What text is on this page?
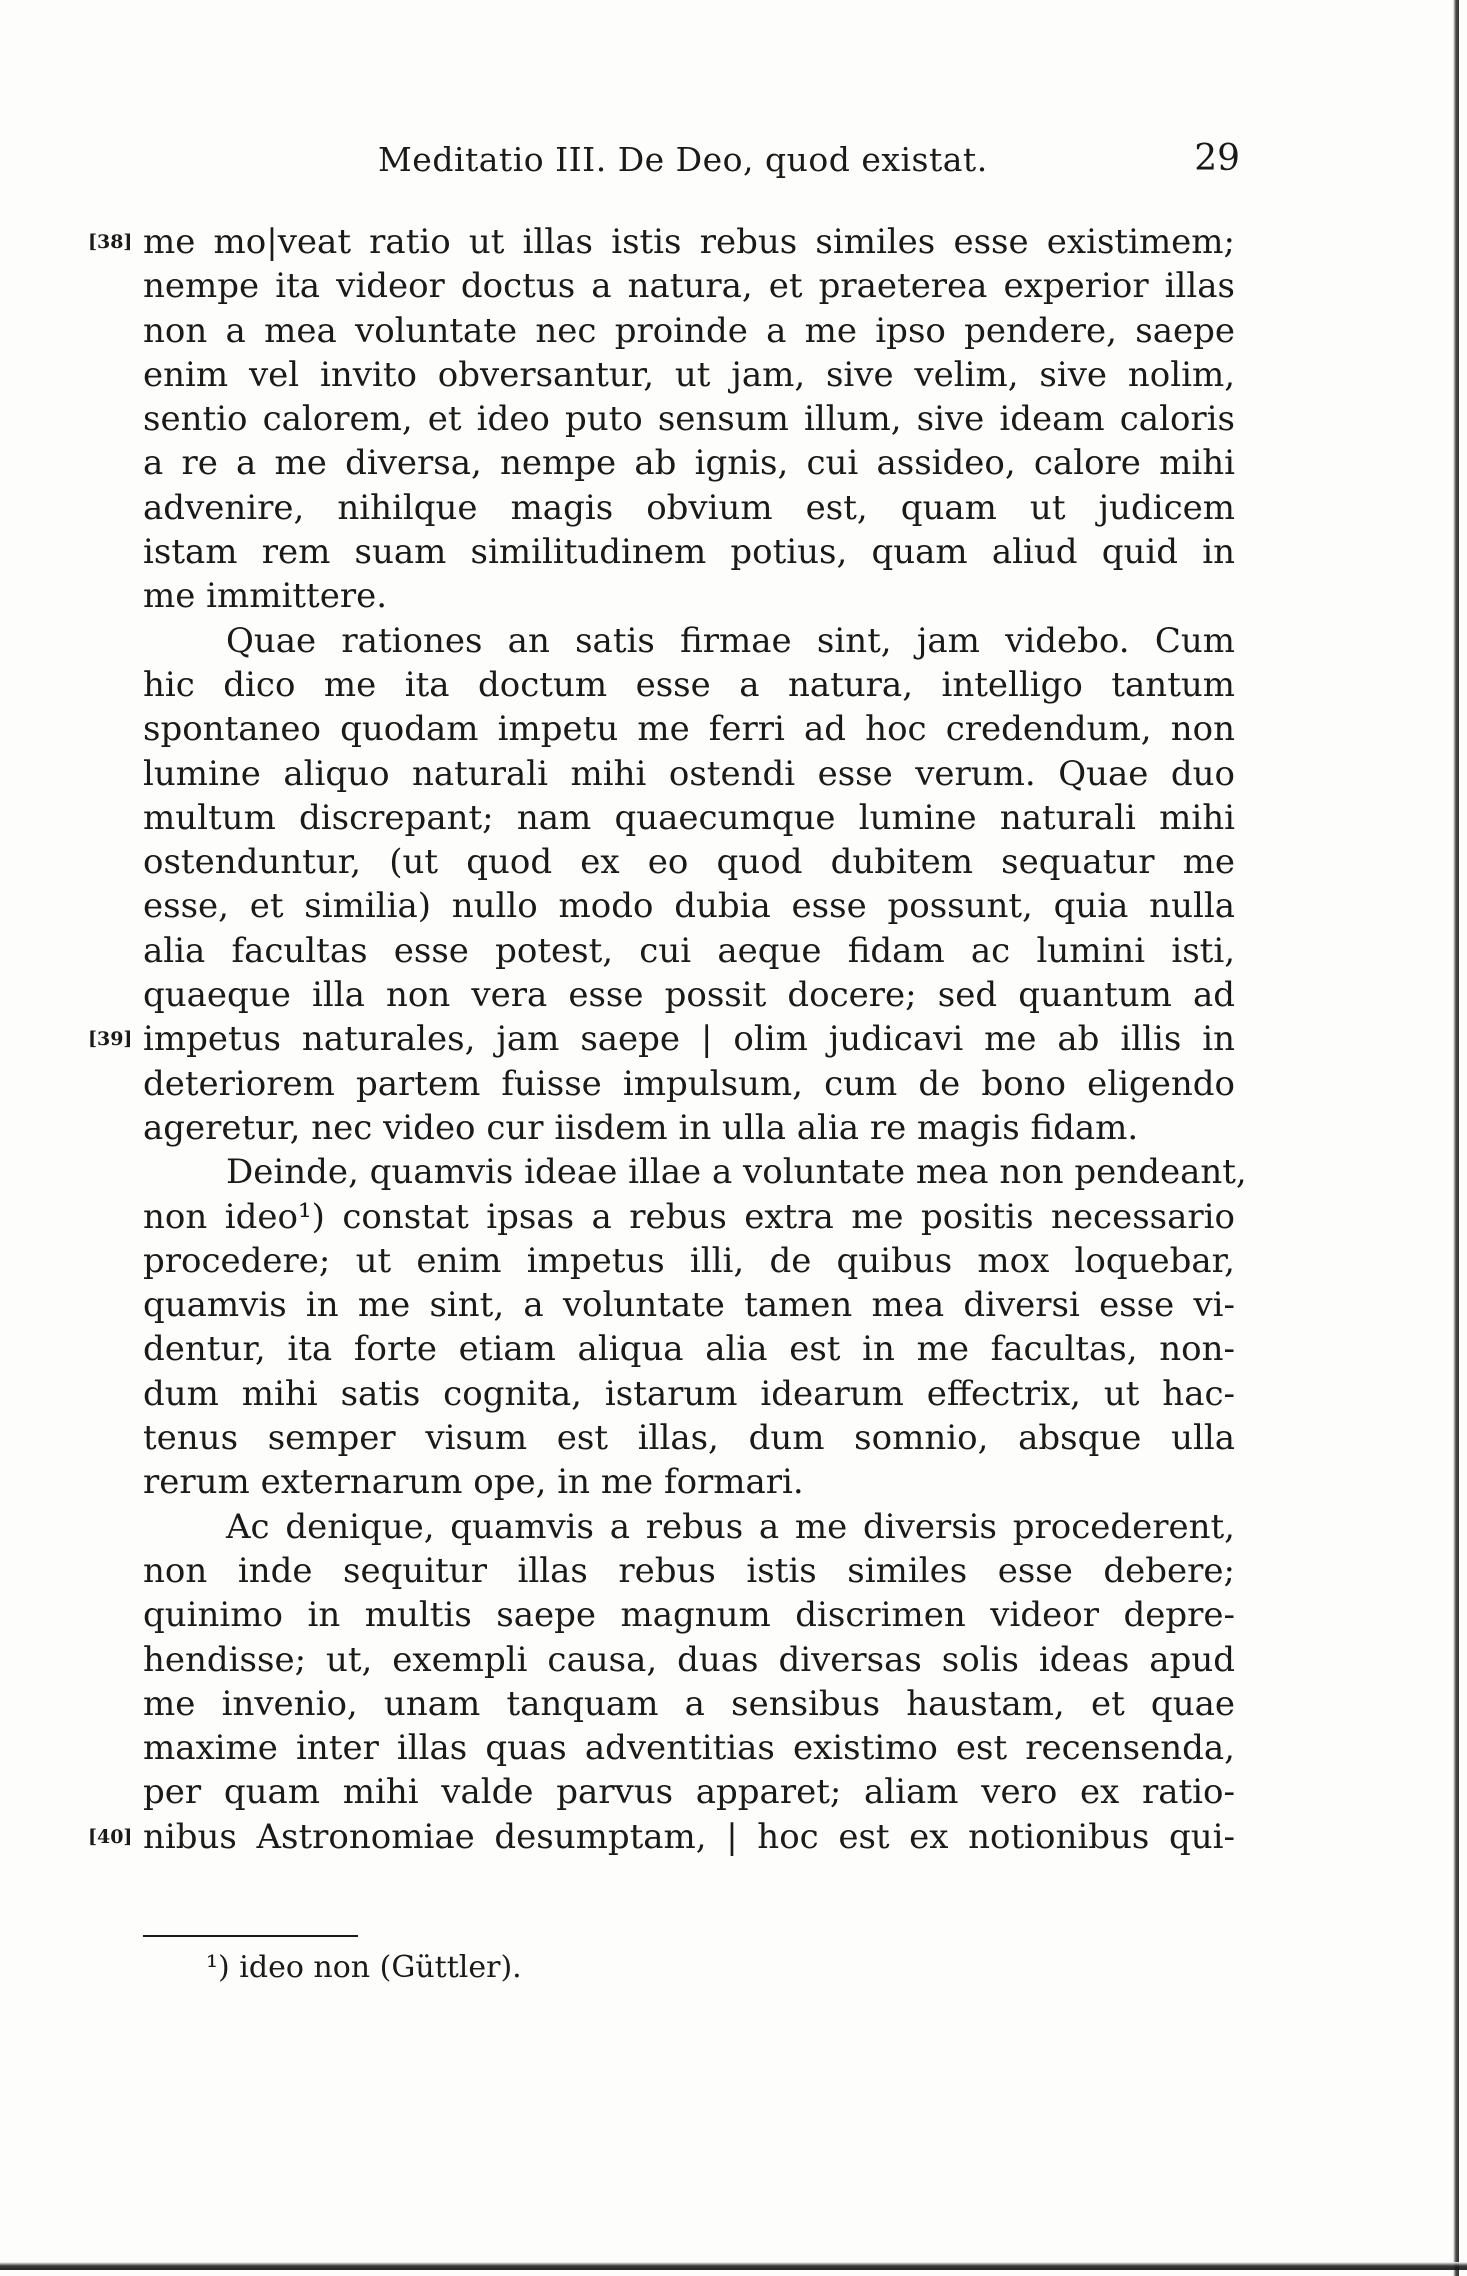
Meditatio III. De Deo, quod existat.	29
[38] me mo|veat ratio ut illas istis rebus similes esse existimem;
nempe ita videor doctus a natura, et praeterea experior illas
non a mea voluntate nec proinde a me ipso pendere, saepe
enim vel invito obversantur, ut jam, sive velim, sive nolim,
sentio calorem, et ideo puto sensum illum, sive ideam caloris
a re a me diversa, nempe ab ignis, cui assideo, calore mihi
advenire, nihilque magis obvium est, quam ut judicem
istam rem suam similitudinem potius, quam aliud quid in
me immittere.
Quae rationes an satis firmae sint, jam videbo. Cum
hic dico me ita doctum esse a natura, intelligo tantum
spontaneo quodam impetu me ferri ad hoc credendum, non
lumine aliquo naturali mihi ostendi esse verum. Quae duo
multum discrepant; nam quaecumque lumine naturali mihi
ostenduntur, (ut quod ex eo quod dubitem sequatur me
esse, et similia) nullo modo dubia esse possunt, quia nulla
alia facultas esse potest, cui aeque fidam ac lumini isti,
quaeque illa non vera esse possit docere; sed quantum ad
[39] impetus naturales, jam saepe | olim judicavi me ab illis in
deteriorem partem fuisse impulsum, cum de bono eligendo
ageretur, nec video cur iisdem in ulla alia re magis fidam.
Deinde, quamvis ideae illae a voluntate mea non pendeant,
non ideo¹) constat ipsas a rebus extra me positis necessario
procedere; ut enim impetus illi, de quibus mox loquebar,
quamvis in me sint, a voluntate tamen mea diversi esse vi-
dentur, ita forte etiam aliqua alia est in me facultas, non-
dum mihi satis cognita, istarum idearum effectrix, ut hac-
tenus semper visum est illas, dum somnio, absque ulla
rerum externarum ope, in me formari.
Ac denique, quamvis a rebus a me diversis procederent,
non inde sequitur illas rebus istis similes esse debere;
quinimo in multis saepe magnum discrimen videor depre-
hendisse; ut, exempli causa, duas diversas solis ideas apud
me invenio, unam tanquam a sensibus haustam, et quae
maxime inter illas quas adventitias existimo est recensenda,
per quam mihi valde parvus apparet; aliam vero ex ratio-
[40] nibus Astronomiae desumptam, | hoc est ex notionibus qui-
¹) ideo non (Güttler).
